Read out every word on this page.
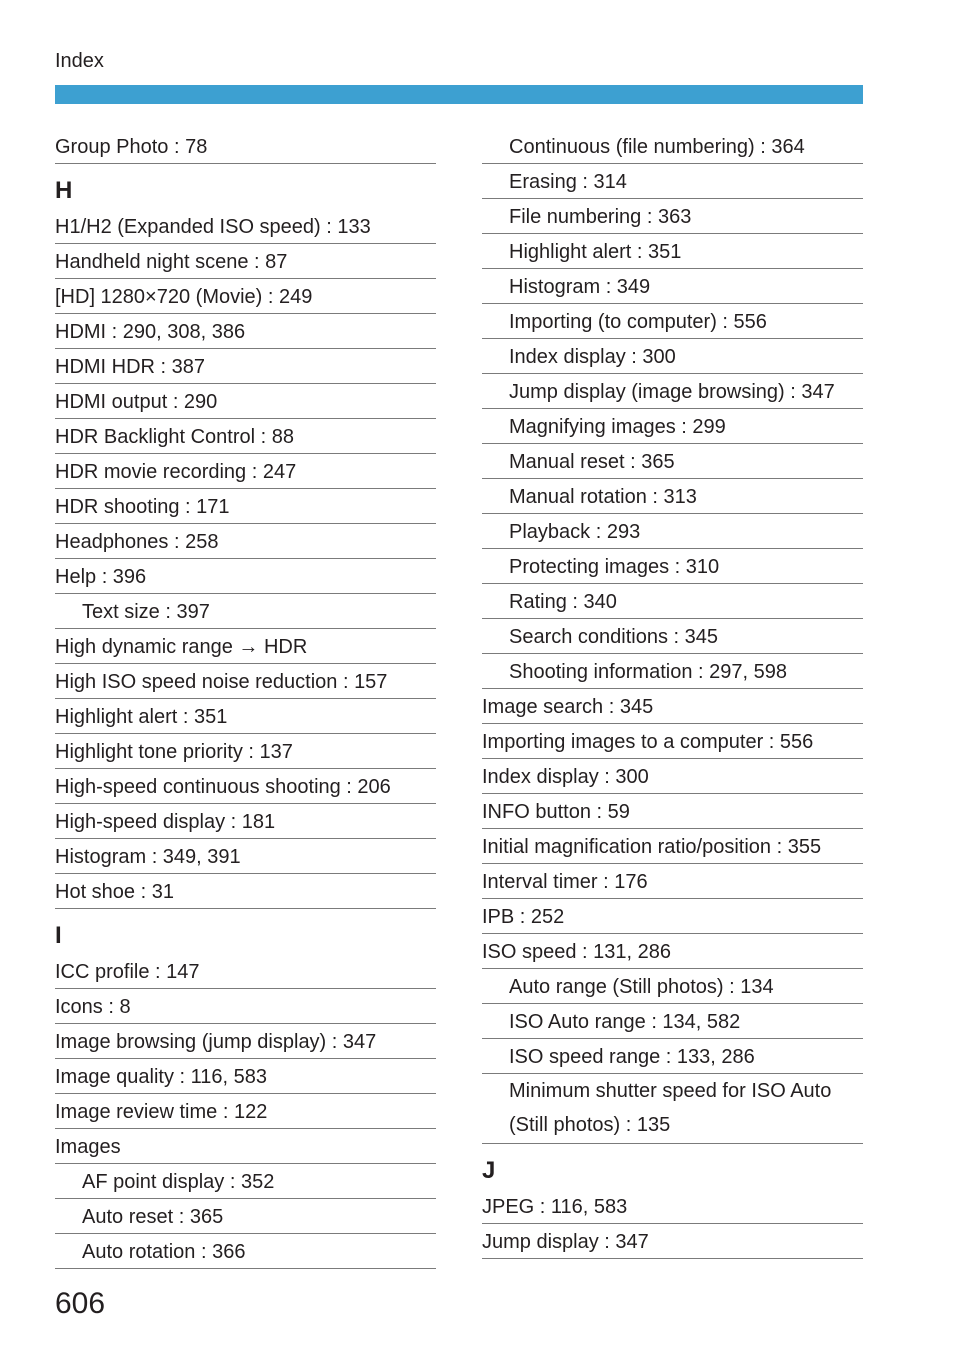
Index
Group Photo : 78
H
H1/H2 (Expanded ISO speed) : 133
Handheld night scene : 87
[HD] 1280×720 (Movie) : 249
HDMI : 290, 308, 386
HDMI HDR : 387
HDMI output : 290
HDR Backlight Control : 88
HDR movie recording : 247
HDR shooting : 171
Headphones : 258
Help : 396
Text size : 397
High dynamic range → HDR
High ISO speed noise reduction : 157
Highlight alert : 351
Highlight tone priority : 137
High-speed continuous shooting : 206
High-speed display : 181
Histogram : 349, 391
Hot shoe : 31
I
ICC profile : 147
Icons : 8
Image browsing (jump display) : 347
Image quality : 116, 583
Image review time : 122
Images
AF point display : 352
Auto reset : 365
Auto rotation : 366
Continuous (file numbering) : 364
Erasing : 314
File numbering : 363
Highlight alert : 351
Histogram : 349
Importing (to computer) : 556
Index display : 300
Jump display (image browsing) : 347
Magnifying images : 299
Manual reset : 365
Manual rotation : 313
Playback : 293
Protecting images : 310
Rating : 340
Search conditions : 345
Shooting information : 297, 598
Image search : 345
Importing images to a computer : 556
Index display : 300
INFO button : 59
Initial magnification ratio/position : 355
Interval timer : 176
IPB : 252
ISO speed : 131, 286
Auto range (Still photos) : 134
ISO Auto range : 134, 582
ISO speed range : 133, 286
Minimum shutter speed for ISO Auto
(Still photos) : 135
J
JPEG : 116, 583
Jump display : 347
606
